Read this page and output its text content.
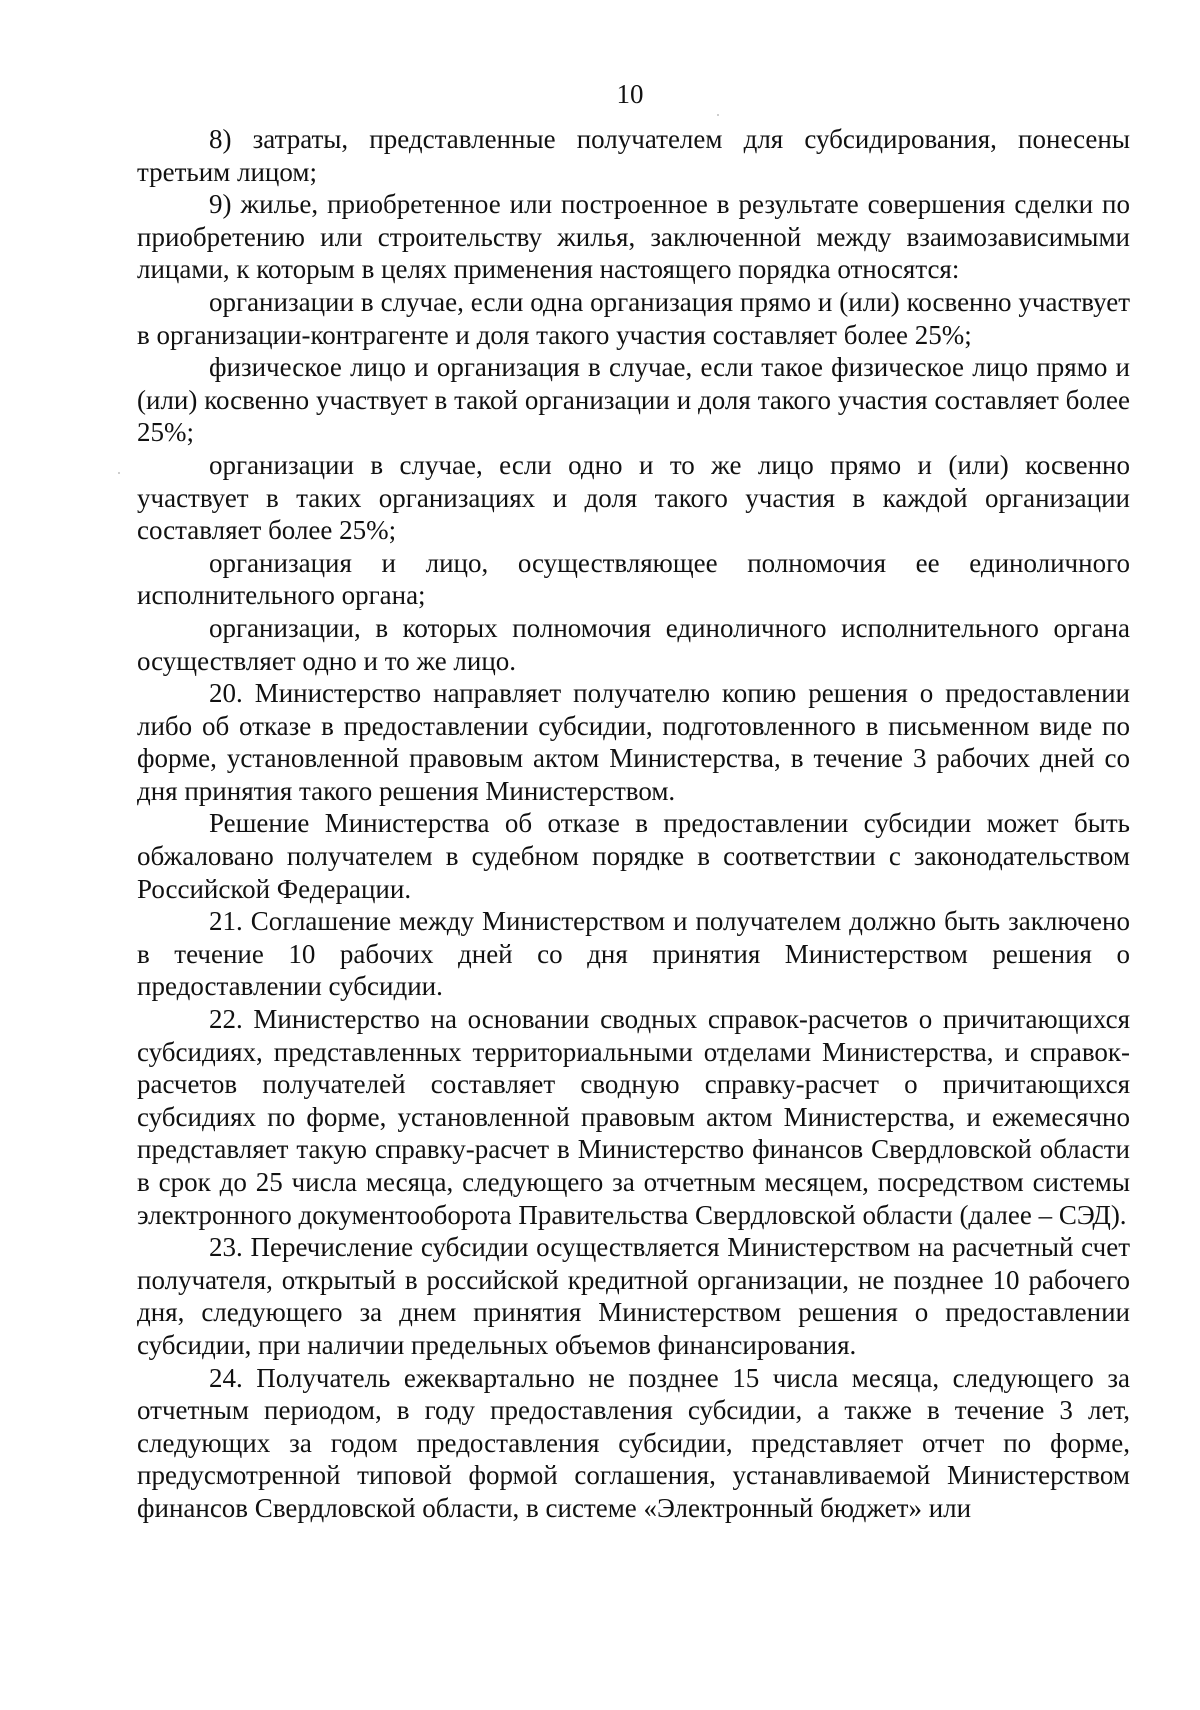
10

8) затраты, представленные получателем для субсидирования, понесены третьим лицом;

9) жилье, приобретенное или построенное в результате совершения сделки по приобретению или строительству жилья, заключенной между взаимозависимыми лицами, к которым в целях применения настоящего порядка относятся:

организации в случае, если одна организация прямо и (или) косвенно участвует в организации-контрагенте и доля такого участия составляет более 25%;

физическое лицо и организация в случае, если такое физическое лицо прямо и (или) косвенно участвует в такой организации и доля такого участия составляет более 25%;

организации в случае, если одно и то же лицо прямо и (или) косвенно участвует в таких организациях и доля такого участия в каждой организации составляет более 25%;

организация и лицо, осуществляющее полномочия ее единоличного исполнительного органа;

организации, в которых полномочия единоличного исполнительного органа осуществляет одно и то же лицо.

20. Министерство направляет получателю копию решения о предоставлении либо об отказе в предоставлении субсидии, подготовленного в письменном виде по форме, установленной правовым актом Министерства, в течение 3 рабочих дней со дня принятия такого решения Министерством.

Решение Министерства об отказе в предоставлении субсидии может быть обжаловано получателем в судебном порядке в соответствии с законодательством Российской Федерации.

21. Соглашение между Министерством и получателем должно быть заключено в течение 10 рабочих дней со дня принятия Министерством решения о предоставлении субсидии.

22. Министерство на основании сводных справок-расчетов о причитающихся субсидиях, представленных территориальными отделами Министерства, и справок-расчетов получателей составляет сводную справку-расчет о причитающихся субсидиях по форме, установленной правовым актом Министерства, и ежемесячно представляет такую справку-расчет в Министерство финансов Свердловской области в срок до 25 числа месяца, следующего за отчетным месяцем, посредством системы электронного документооборота Правительства Свердловской области (далее – СЭД).

23. Перечисление субсидии осуществляется Министерством на расчетный счет получателя, открытый в российской кредитной организации, не позднее 10 рабочего дня, следующего за днем принятия Министерством решения о предоставлении субсидии, при наличии предельных объемов финансирования.

24. Получатель ежеквартально не позднее 15 числа месяца, следующего за отчетным периодом, в году предоставления субсидии, а также в течение 3 лет, следующих за годом предоставления субсидии, представляет отчет по форме, предусмотренной типовой формой соглашения, устанавливаемой Министерством финансов Свердловской области, в системе «Электронный бюджет» или
